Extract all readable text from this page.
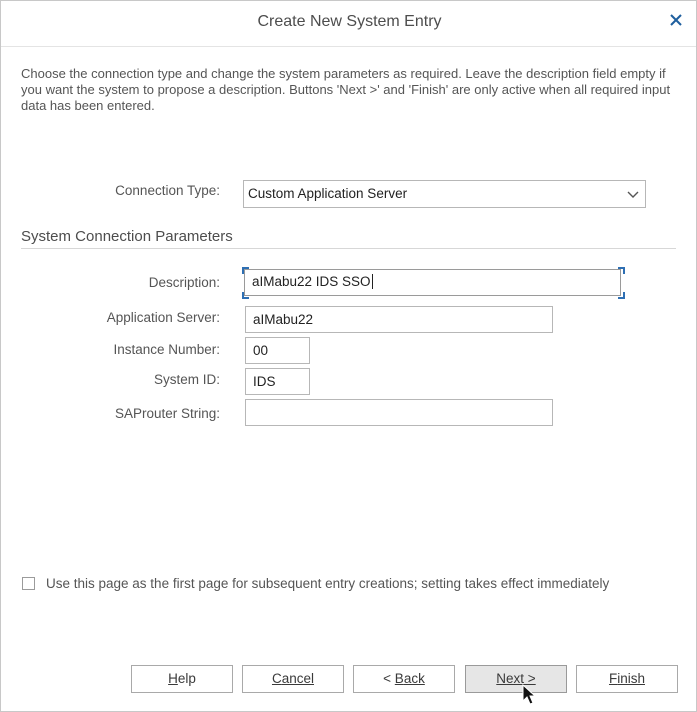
Create New System Entry
Choose the connection type and change the system parameters as required. Leave the description field empty if you want the system to propose a description. Buttons 'Next >' and 'Finish' are only active when all required input data has been entered.
Connection Type: Custom Application Server
System Connection Parameters
Description:	aIMabu22 IDS SSO
Application Server:	aIMabu22
Instance Number:	00
System ID:	IDS
SAProuter String:
Use this page as the first page for subsequent entry creations; setting takes effect immediately
Help	Cancel	< Back	Next >	Finish
